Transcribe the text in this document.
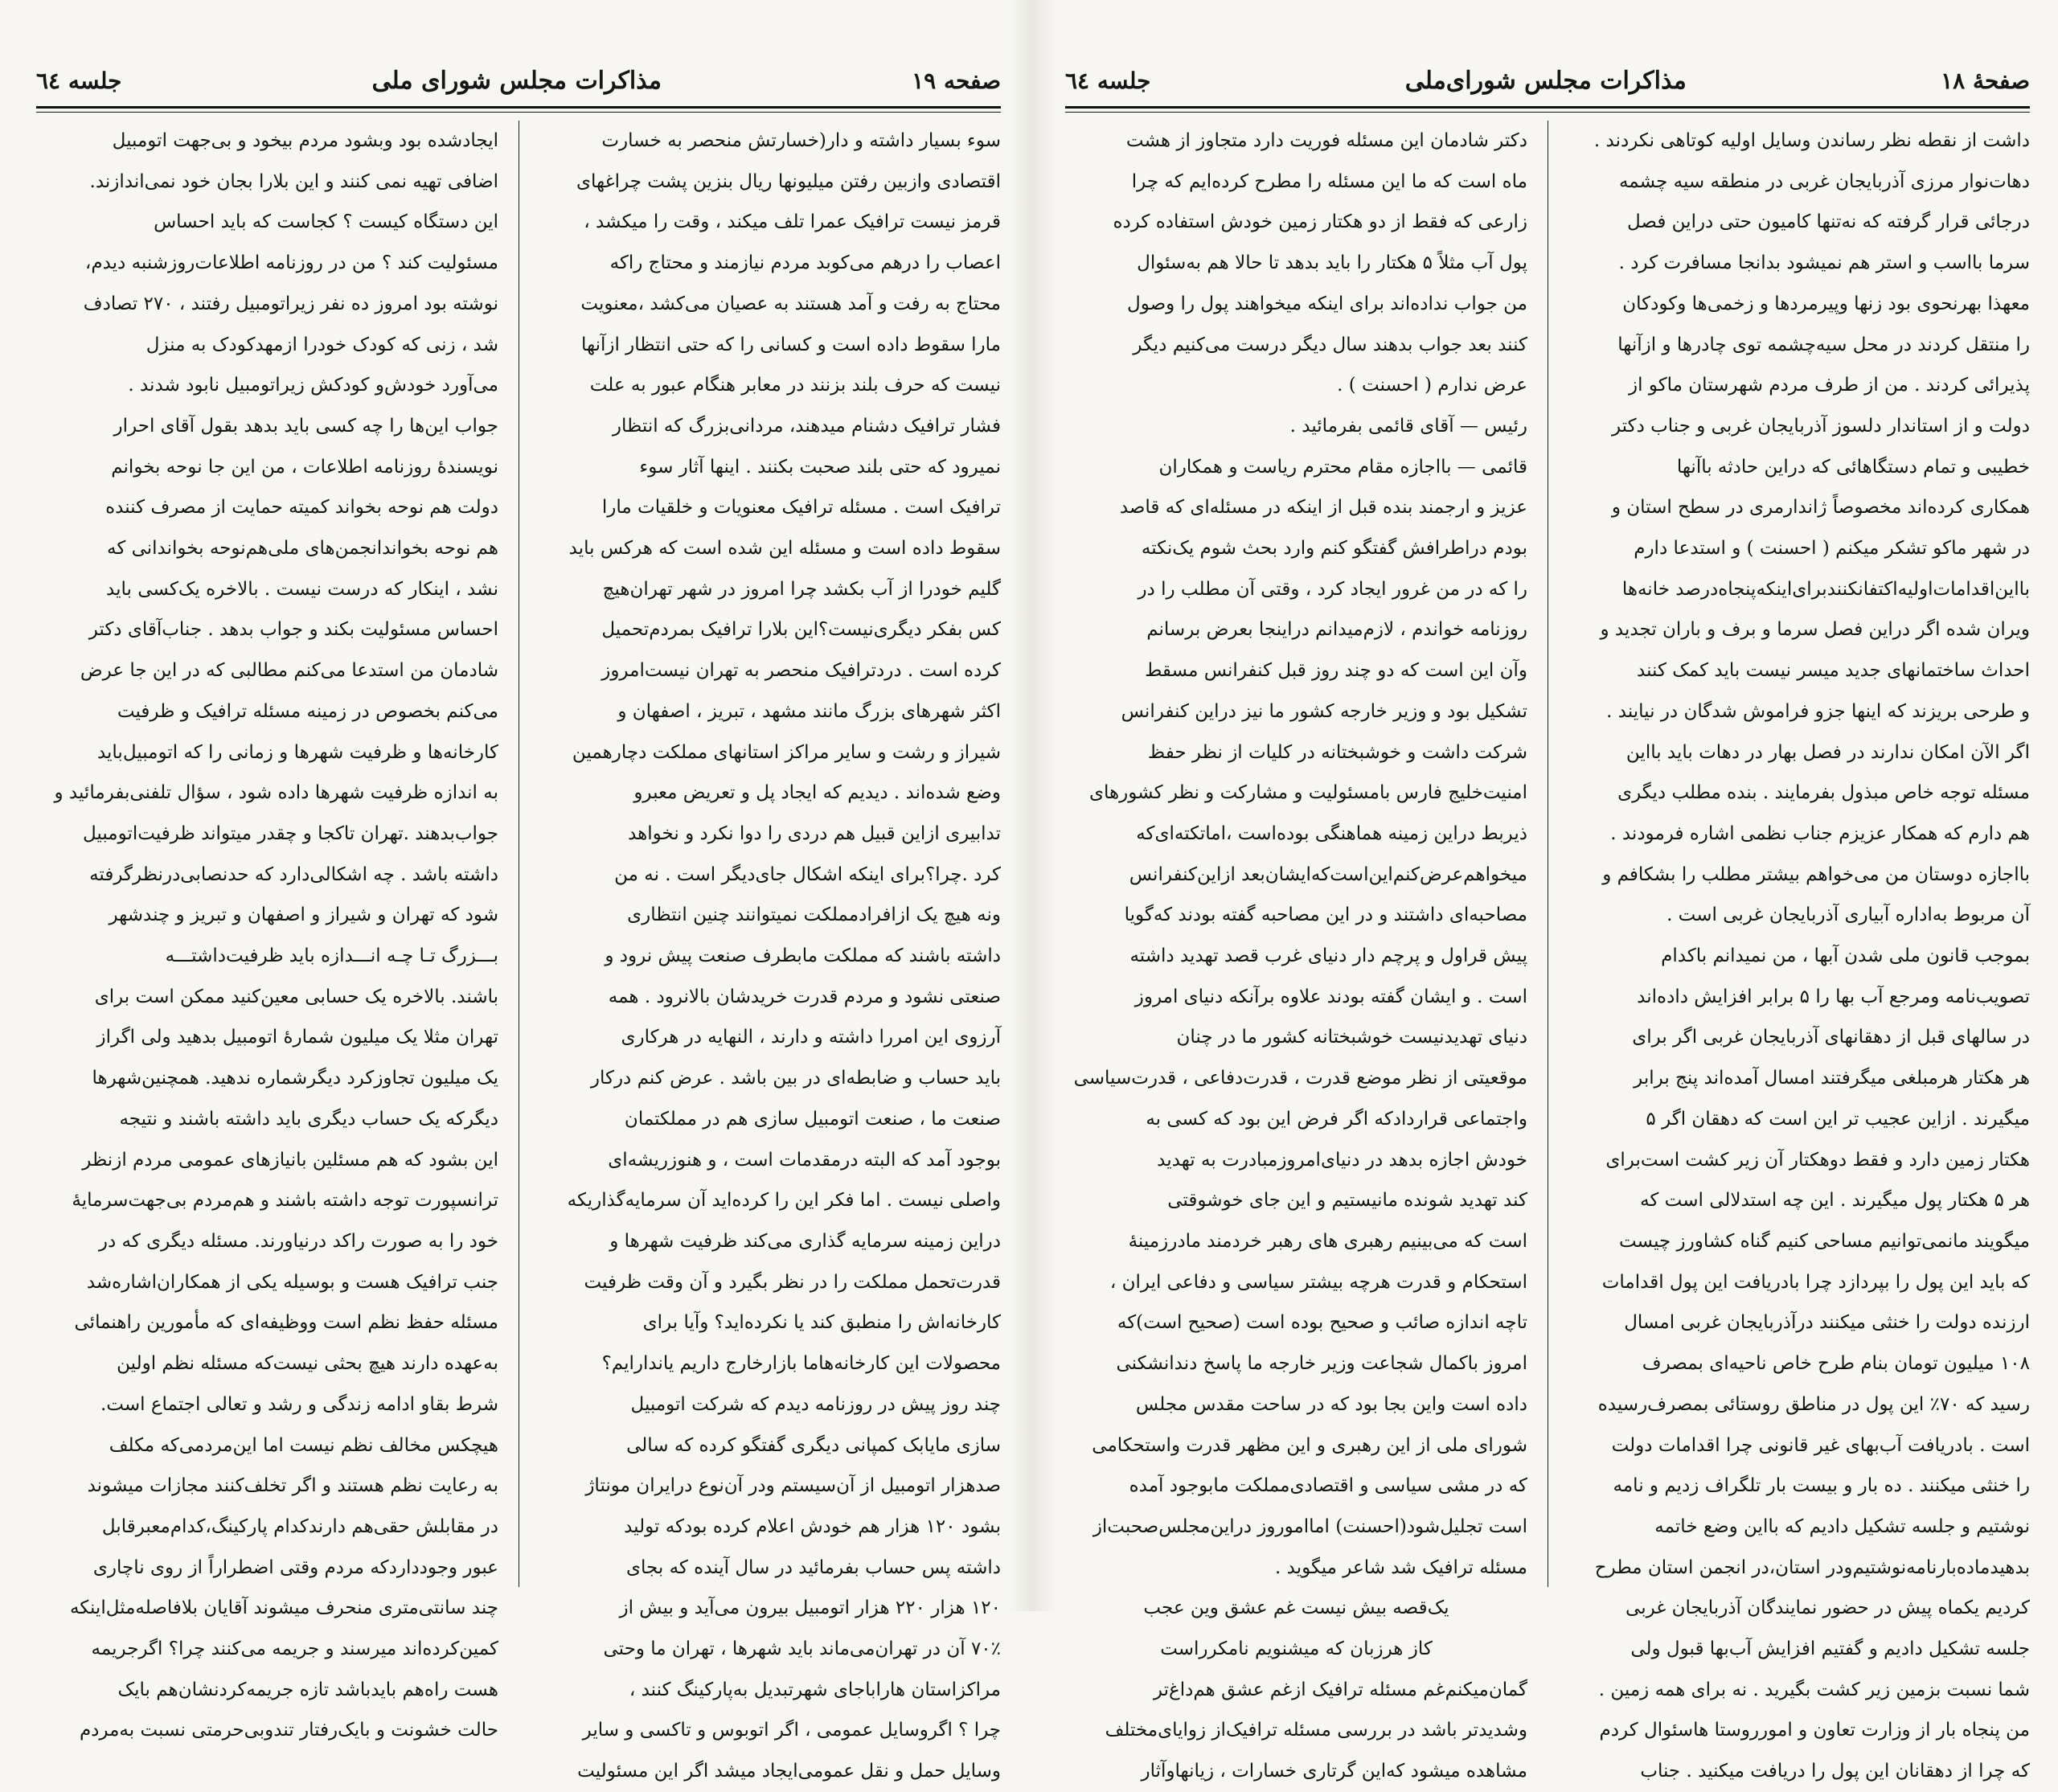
صفحه ۱۹
مذاکرات مجلس شورای ملی
جلسه ٦٤

سوء بسیار داشته و دار(خسارتش منحصر به خسارت

اقتصادی وازبین رفتن میلیونها ریال بنزین پشت چراغهای

قرمز نیست ترافیک عمرا تلف میکند ، وقت را میکشد ،

اعصاب را درهم می‌کوبد مردم نیازمند و محتاج راکه

محتاج به رفت و آمد هستند به عصیان می‌کشد ،معنویت

مارا سقوط داده است و کسانی را که حتی انتظار ازآنها

نیست که حرف بلند بزنند در معابر هنگام عبور به علت

فشار ترافیک دشنام میدهند، مردانی‌بزرگ که انتظار

نمیرود که حتی بلند صحبت بکنند . اینها آثار سوء

ترافیک است . مسئله ترافیک معنویات و خلقیات مارا

سقوط داده است و مسئله این شده است که هرکس باید

گلیم خودرا از آب بکشد چرا امروز در شهر تهران‌هیچ

کس بفکر دیگری‌نیست؟این بلارا ترافیک بمردم‌تحمیل

کرده است . دردترافیک منحصر به تهران نیست‌امروز

اکثر شهرهای بزرگ مانند مشهد ، تبریز ، اصفهان و

شیراز و رشت و سایر مراکز استانهای مملکت دچارهمین

وضع شده‌اند . دیدیم که ایجاد پل و تعریض معبرو

تدابیری ازاین قبیل هم دردی را دوا نکرد و نخواهد

کرد .چرا؟برای اینکه اشکال جای‌دیگر است . نه من

ونه هیچ یک ازافرادمملکت نمیتوانند چنین انتظاری

داشته باشند که مملکت مابطرف صنعت پیش نرود و

صنعتی نشود و مردم قدرت خریدشان بالانرود . همه

آرزوی این امررا داشته و دارند ، النهایه در هرکاری

باید حساب و ضابطه‌ای در بین باشد . عرض کنم درکار

صنعت ما ، صنعت اتومبیل سازی هم در مملکتمان

بوجود آمد که البته درمقدمات است ، و هنوزریشه‌ای

واصلی نیست . اما فکر این را کرده‌اید آن سرمایه‌گذاریکه

دراین زمینه سرمایه گذاری می‌کند ظرفیت شهرها و

قدرت‌تحمل مملکت را در نظر بگیرد و آن وقت ظرفیت

کارخانه‌اش را منطبق کند یا نکرده‌اید؟ وآیا برای

محصولات این کارخانه‌هاما بازارخارج داریم یاندارایم؟

چند روز پیش در روزنامه دیدم که شرکت اتومبیل

سازی مایابک کمپانی دیگری گفتگو کرده که سالی

صدهزار اتومبیل از آن‌سیستم ودر آن‌نوع درایران مونتاژ

بشود ۱۲۰ هزار هم خودش اعلام کرده بودکه تولید

داشته پس حساب بفرمائید در سال آینده که بجای

۱۲۰ هزار ۲۲۰ هزار اتومبیل بیرون می‌آید و بیش از

۷۰٪ آن در تهران‌می‌ماند باید شهرها ، تهران ما وحتی

مراکزاستان هاراباجای شهرتبدیل به‌پارکینگ کنند ،

چرا ؟ اگروسایل عمومی ، اگر اتوبوس و تاکسی و سایر

وسایل حمل و نقل عمومی‌ایجاد میشد اگر این مسئولیت

ایجادشده بود وبشود مردم بیخود و بی‌جهت اتومبیل

اضافی تهیه نمی کنند و این بلارا بجان خود نمی‌اندازند.

این دستگاه کیست ؟ کجاست که باید احساس

مسئولیت کند ؟ من در روزنامه اطلاعات‌روزشنبه دیدم،

نوشته بود امروز ده نفر زیراتومبیل رفتند ، ۲۷۰ تصادف

شد ، زنی که کودک خودرا ازمهدکودک به منزل

می‌آورد خودش‌و کودکش زیراتومبیل نابود شدند .

جواب این‌ها را چه کسی باید بدهد بقول آقای احرار

نویسندهٔ روزنامه اطلاعات ، من این جا نوحه بخوانم

دولت هم نوحه بخواند کمیته حمایت از مصرف کننده

هم نوحه بخواندانجمن‌های ملی‌هم‌نوحه بخواندانی که

نشد ، اینکار که درست نیست . بالاخره یک‌کسی باید

احساس مسئولیت بکند و جواب بدهد . جناب‌آقای دکتر

شادمان من استدعا می‌کنم مطالبی که در این جا عرض

می‌کنم بخصوص در زمینه مسئله ترافیک و ظرفیت

کارخانه‌ها و ظرفیت شهرها و زمانی را که اتومبیل‌باید

به اندازه ظرفیت شهرها داده شود ، سؤال تلفنی‌بفرمائید و

جواب‌بدهند .تهران تاکجا و چقدر میتواند ظرفیت‌اتومبیل

داشته باشد . چه اشکالی‌دارد که حدنصابی‌درنظرگرفته

شود که تهران و شیراز و اصفهان و تبریز و چندشهر

بـــزرگ تـا چـه انـــدازه باید ظرفیت‌داشتـــه

باشند. بالاخره یک حسابی معین‌کنید ممکن است برای

تهران مثلا یک میلیون شمارهٔ اتومبیل بدهید ولی اگراز

یک میلیون تجاوزکرد دیگرشماره ندهید. همچنین‌شهرها

دیگرکه یک حساب دیگری باید داشته باشند و نتیجه

این بشود که هم مسئلین بانیازهای عمومی مردم ازنظر

ترانسپورت توجه داشته باشند و هم‌مردم بی‌جهت‌سرمایهٔ

خود را به صورت راکد درنیاورند. مسئله دیگری که در

جنب ترافیک هست و بوسیله یکی از همکاران‌اشاره‌شد

مسئله حفظ نظم است ووظیفه‌ای که مأمورین راهنمائی

به‌عهده دارند هیچ بحثی نیست‌که مسئله نظم اولین

شرط بقاو ادامه زندگی و رشد و تعالی اجتماع است.

هیچکس مخالف نظم نیست اما این‌مردمی‌که مکلف

به رعایت نظم هستند و اگر تخلف‌کنند مجازات میشوند

در مقابلش حقی‌هم دارندکدام پارکینگ،کدام‌معبرقابل

عبور وجوددارد‌که مردم وقتی اضطراراً از روی ناچاری

چند سانتی‌متری منحرف میشوند آقایان بلافاصله‌مثل‌اینکه

کمین‌کرده‌اند میرسند و جریمه می‌کنند چرا؟ اگرجریمه

هست راه‌هم بایدباشد تازه جریمه‌کردنشان‌هم بایک

حالت خشونت و بایک‌رفتار تندوبی‌حرمتی نسبت به‌مردم

صفحهٔ ۱۸
مذاکرات مجلس شورای‌ملی
جلسه ٦٤

داشت از نقطه نظر رساندن وسایل اولیه کوتاهی نکردند .

دهات‌نوار مرزی آذربایجان غربی در منطقه سیه چشمه

درجائی قرار گرفته که نه‌تنها کامیون حتی دراین فصل

سرما بااسب و استر هم نمیشود بدانجا مسافرت کرد .

معهذا بهرنحوی بود زنها وپیرمردها و زخمی‌ها وکودکان

را منتقل کردند در محل سیه‌چشمه توی چادرها و ازآنها

پذیرائی کردند . من از طرف مردم شهرستان ماکو از

دولت و از استاندار دلسوز آذربایجان غربی و جناب دکتر

خطیبی و تمام دستگاهائی که دراین حادثه باآنها

همکاری کرده‌اند مخصوصاً ژاندارمری در سطح استان و

در شهر ماکو تشکر میکنم ( احسنت ) و استدعا دارم

بااین‌اقدامات‌اولیه‌اکتفانکنندبرای‌اینکه‌پنجاه‌درصد خانه‌ها

ویران شده اگر دراین فصل سرما و برف و باران تجدید و

احداث ساختمانهای جدید میسر نیست باید کمک کنند

و طرحی بریزند که اینها جزو فراموش شدگان در نیایند .

اگر الآن امکان ندارند در فصل بهار در دهات باید بااین

مسئله توجه خاص مبذول بفرمایند . بنده مطلب دیگری

هم دارم که همکار عزیزم جناب نظمی اشاره فرمودند .

بااجازه دوستان من می‌خواهم بیشتر مطلب را بشکافم و

آن مربوط به‌اداره آبیاری آذربایجان غربی است .

بموجب قانون ملی شدن آبها ، من نمیدانم باکدام

تصویب‌نامه ومرجع آب بها را ۵ برابر افزایش داده‌اند

در سالهای قبل از دهقانهای آذربایجان غربی اگر برای

هر هکتار هرمبلغی میگرفتند امسال آمده‌اند پنج برابر

میگیرند . ازاین عجیب تر این است که دهقان اگر ۵

هکتار زمین دارد و فقط دوهکتار آن زیر کشت است‌برای

هر ۵ هکتار پول میگیرند . این چه استدلالی است که

میگویند مانمی‌توانیم مساحی کنیم گناه کشاورز چیست

که باید این پول را بپردازد چرا بادریافت این پول اقدامات

ارزنده دولت را خنثی میکنند درآذربایجان غربی امسال

۱۰۸ میلیون تومان بنام طرح خاص ناحیه‌ای بمصرف

رسید که ۷۰٪ این پول در مناطق روستائی بمصرف‌رسیده

است . بادریافت آب‌بهای غیر قانونی چرا اقدامات دولت

را خنثی میکنند . ده بار و بیست بار تلگراف زدیم و نامه

نوشتیم و جلسه تشکیل دادیم که بااین وضع خاتمه

بدهیدماده‌بارنامه‌نوشتیم‌ودر استان،در انجمن استان مطرح

کردیم یکماه پیش در حضور نمایندگان آذربایجان غربی

جلسه تشکیل دادیم و گفتیم افزایش آب‌بها قبول ولی

شما نسبت بزمین زیر کشت بگیرید . نه برای همه زمین .

من پنجاه بار از وزارت تعاون و امورروستا هاسئوال کردم

که چرا از دهقانان این پول را دریافت میکنید . جناب

دکتر شادمان این مسئله فوریت دارد متجاوز از هشت

ماه است که ما این مسئله را مطرح کرده‌ایم که چرا

زارعی که فقط از دو هکتار زمین خودش استفاده کرده

پول آب مثلاً ۵ هکتار را باید بدهد تا حالا هم به‌سئوال

من جواب نداده‌اند برای اینکه میخواهند پول را وصول

کنند بعد جواب بدهند سال دیگر درست می‌کنیم دیگر

عرض ندارم ( احسنت ) .

رئیس — آقای قائمی بفرمائید .

قائمی — بااجازه مقام محترم ریاست و همکاران

عزیز و ارجمند بنده قبل از اینکه در مسئله‌ای که قاصد

بودم دراطرافش گفتگو کنم وارد بحث شوم یک‌نکته

را که در من غرور ایجاد کرد ، وقتی آن مطلب را در

روزنامه خواندم ، لازم‌میدانم دراینجا بعرض برسانم

وآن این است که دو چند روز قبل کنفرانس مسقط

تشکیل بود و وزیر خارجه کشور ما نیز دراین کنفرانس

شرکت داشت و خوشبختانه در کلیات از نظر حفظ

امنیت‌خلیج فارس بامسئولیت و مشارکت و نظر کشورهای

ذیربط دراین زمینه هماهنگی بوده‌است ،اماتکته‌ای‌که

میخواهم‌عرض‌کنم‌این‌است‌که‌ایشان‌بعد ازاین‌کنفرانس

مصاحبه‌ای داشتند و در این مصاحبه گفته بودند که‌گویا

پیش قراول و پرچم دار دنیای غرب قصد تهدید داشته

است . و ایشان گفته بودند علاوه برآنکه دنیای امروز

دنیای تهدیدنیست خوشبختانه کشور ما در چنان

موقعیتی از نظر موضع قدرت ، قدرت‌دفاعی ، قدرت‌سیاسی

واجتماعی قراردادکه اگر فرض این بود که کسی به

خودش اجازه بدهد در دنیای‌امروزمبادرت به تهدید

کند تهدید شونده مانیستیم و این جای خوشوقتی

است که می‌بینیم رهبری های رهبر خردمند مادرزمینهٔ

استحکام و قدرت هرچه بیشتر سیاسی و دفاعی ایران ،

تاچه اندازه صائب و صحیح بوده است (صحیح است)که

امروز باکمال شجاعت وزیر خارجه ما پاسخ دندانشکنی

داده است واین بجا بود که در ساحت مقدس مجلس

شورای ملی از این رهبری و این مظهر قدرت واستحکامی

که در مشی سیاسی و اقتصادی‌مملکت مابوجود آمده

است تجلیل‌شود(احسنت) امااموروز دراین‌مجلس‌صحبت‌از

مسئله ترافیک شد شاعر میگوید .

یک‌قصه بیش نیست غم عشق وین عجب

کاز هرزبان که میشنویم نامکرراست

گمان‌میکنم‌غم مسئله ترافیک ازغم عشق هم‌داغ‌تر

وشدیدتر باشد در بررسی مسئله ترافیک‌از زوایای‌مختلف

مشاهده میشود که‌این گرتاری خسارات ، زیانهاوآثار
